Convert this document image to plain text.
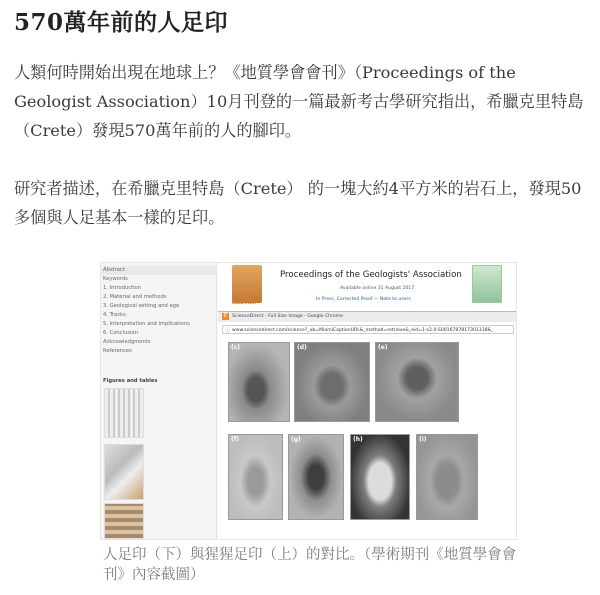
570萬年前的人足印
人類何時開始出現在地球上？《地質學會會刊》（Proceedings of the Geologist Association）10月刊登的一篇最新考古學研究指出，希臘克里特島（Crete）發現570萬年前的人的腳印。
研究者描述，在希臘克里特島（Crete） 的一塊大約4平方米的岩石上，發現50多個與人足基本一樣的足印。
Abstract
Keywords
1. Introduction
2. Material and methods
3. Geological setting and age
4. Tracks
5. Interpretation and implications
6. Conclusion
Acknowledgments
References
Figures and tables
ELSEVIER
Proceedings of the Geologists' Association
Available online 31 August 2017
In Press, Corrected Proof — Note to users
E	ScienceDirect - Full Size Image - Google Chrome
ⓘ www.sciencedirect.com/science?_ob=MiamiCaptionURL&_method=retrieve&_eid=1-s2.0-S0016787817301318&_
(c)	(d)	(e)
(f)	(g)	(h)	(i)
人足印（下）與猩猩足印（上）的對比。（學術期刊《地質學會會刊》內容截圖）
